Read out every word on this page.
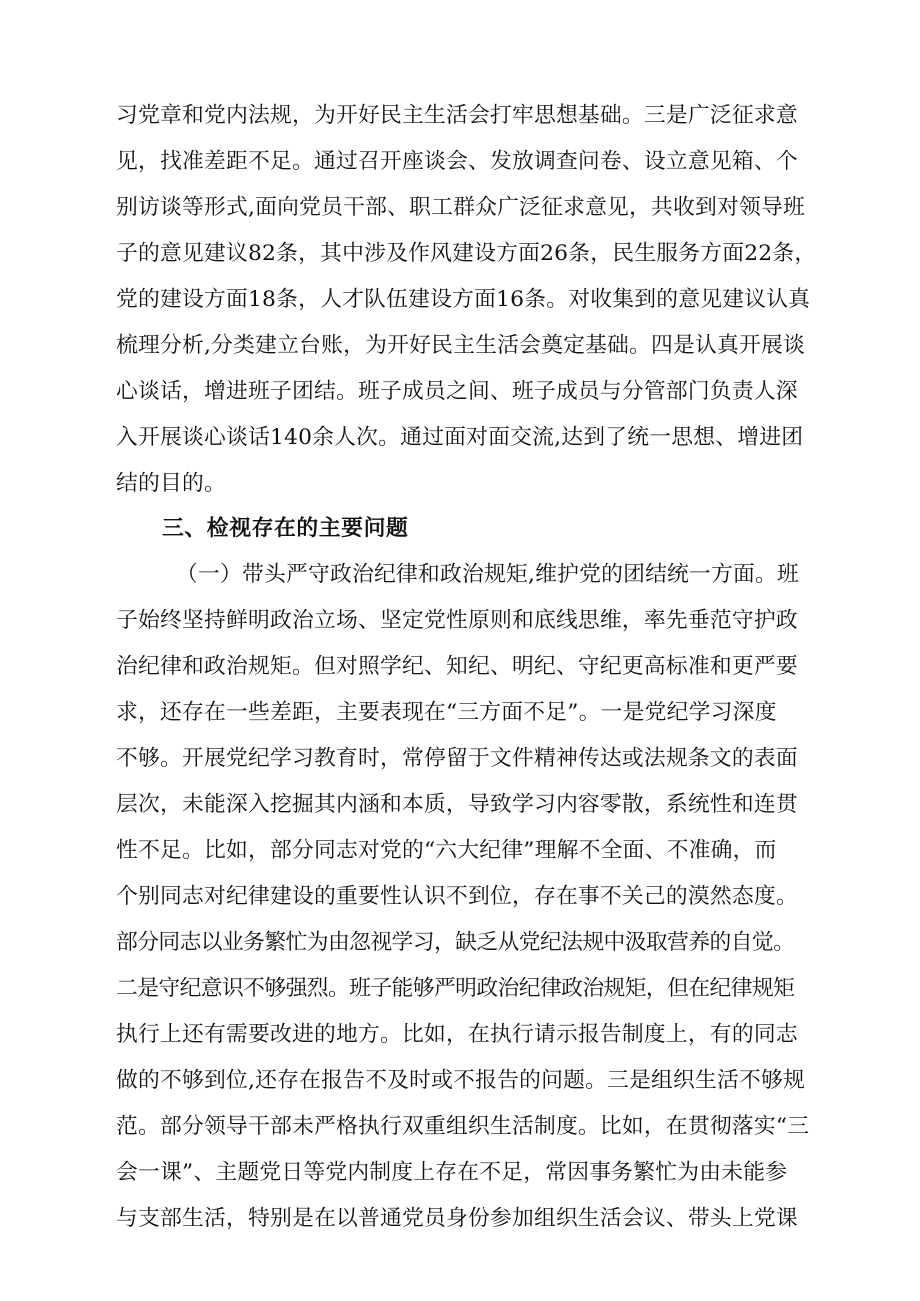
习党章和党内法规，为开好民主生活会打牢思想基础。三是广泛征求意
见，找准差距不足。通过召开座谈会、发放调查问卷、设立意见箱、个
别访谈等形式,面向党员干部、职工群众广泛征求意见，共收到对领导班
子的意见建议82条，其中涉及作风建设方面26条，民生服务方面22条，
党的建设方面18条，人才队伍建设方面16条。对收集到的意见建议认真
梳理分析,分类建立台账，为开好民主生活会奠定基础。四是认真开展谈
心谈话，增进班子团结。班子成员之间、班子成员与分管部门负责人深
入开展谈心谈话140余人次。通过面对面交流,达到了统一思想、增进团
结的目的。
三、检视存在的主要问题
（一）带头严守政治纪律和政治规矩,维护党的团结统一方面。班
子始终坚持鲜明政治立场、坚定党性原则和底线思维，率先垂范守护政
治纪律和政治规矩。但对照学纪、知纪、明纪、守纪更高标准和更严要
求，还存在一些差距，主要表现在“三方面不足”。一是党纪学习深度
不够。开展党纪学习教育时，常停留于文件精神传达或法规条文的表面
层次，未能深入挖掘其内涵和本质，导致学习内容零散，系统性和连贯
性不足。比如，部分同志对党的“六大纪律”理解不全面、不准确，而
个别同志对纪律建设的重要性认识不到位，存在事不关己的漠然态度。
部分同志以业务繁忙为由忽视学习，缺乏从党纪法规中汲取营养的自觉。
二是守纪意识不够强烈。班子能够严明政治纪律政治规矩，但在纪律规矩
执行上还有需要改进的地方。比如，在执行请示报告制度上，有的同志
做的不够到位,还存在报告不及时或不报告的问题。三是组织生活不够规
范。部分领导干部未严格执行双重组织生活制度。比如，在贯彻落实“三
会一课”、主题党日等党内制度上存在不足，常因事务繁忙为由未能参
与支部生活，特别是在以普通党员身份参加组织生活会议、带头上党课
